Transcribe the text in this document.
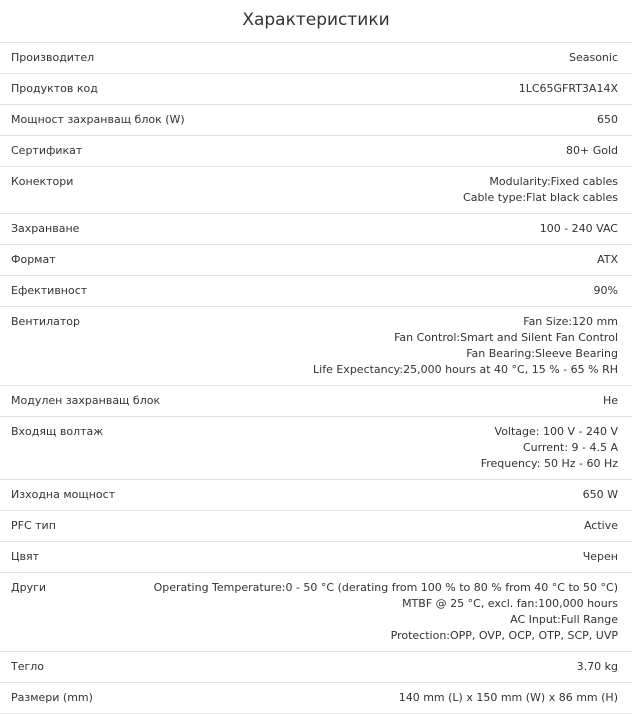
Характеристики
Производител	Seasonic
Продуктов код	1LC65GFRT3A14X
Мощност захранващ блок (W)	650
Сертификат	80+ Gold
Конектори	Modularity:Fixed cables
Cable type:Flat black cables
Захранване	100 - 240 VAC
Формат	ATX
Ефективност	90%
Вентилатор	Fan Size:120 mm
Fan Control:Smart and Silent Fan Control
Fan Bearing:Sleeve Bearing
Life Expectancy:25,000 hours at 40 °C, 15 % - 65 % RH
Модулен захранващ блок	Не
Входящ волтаж	Voltage: 100 V - 240 V
Current: 9 - 4.5 A
Frequency: 50 Hz - 60 Hz
Изходна мощност	650 W
PFC тип	Active
Цвят	Черен
Други	Operating Temperature:0 - 50 °C (derating from 100 % to 80 % from 40 °C to 50 °C)
MTBF @ 25 °C, excl. fan:100,000 hours
AC Input:Full Range
Protection:OPP, OVP, OCP, OTP, SCP, UVP
Тегло	3.70 kg
Размери (mm)	140 mm (L) x 150 mm (W) x 86 mm (H)
